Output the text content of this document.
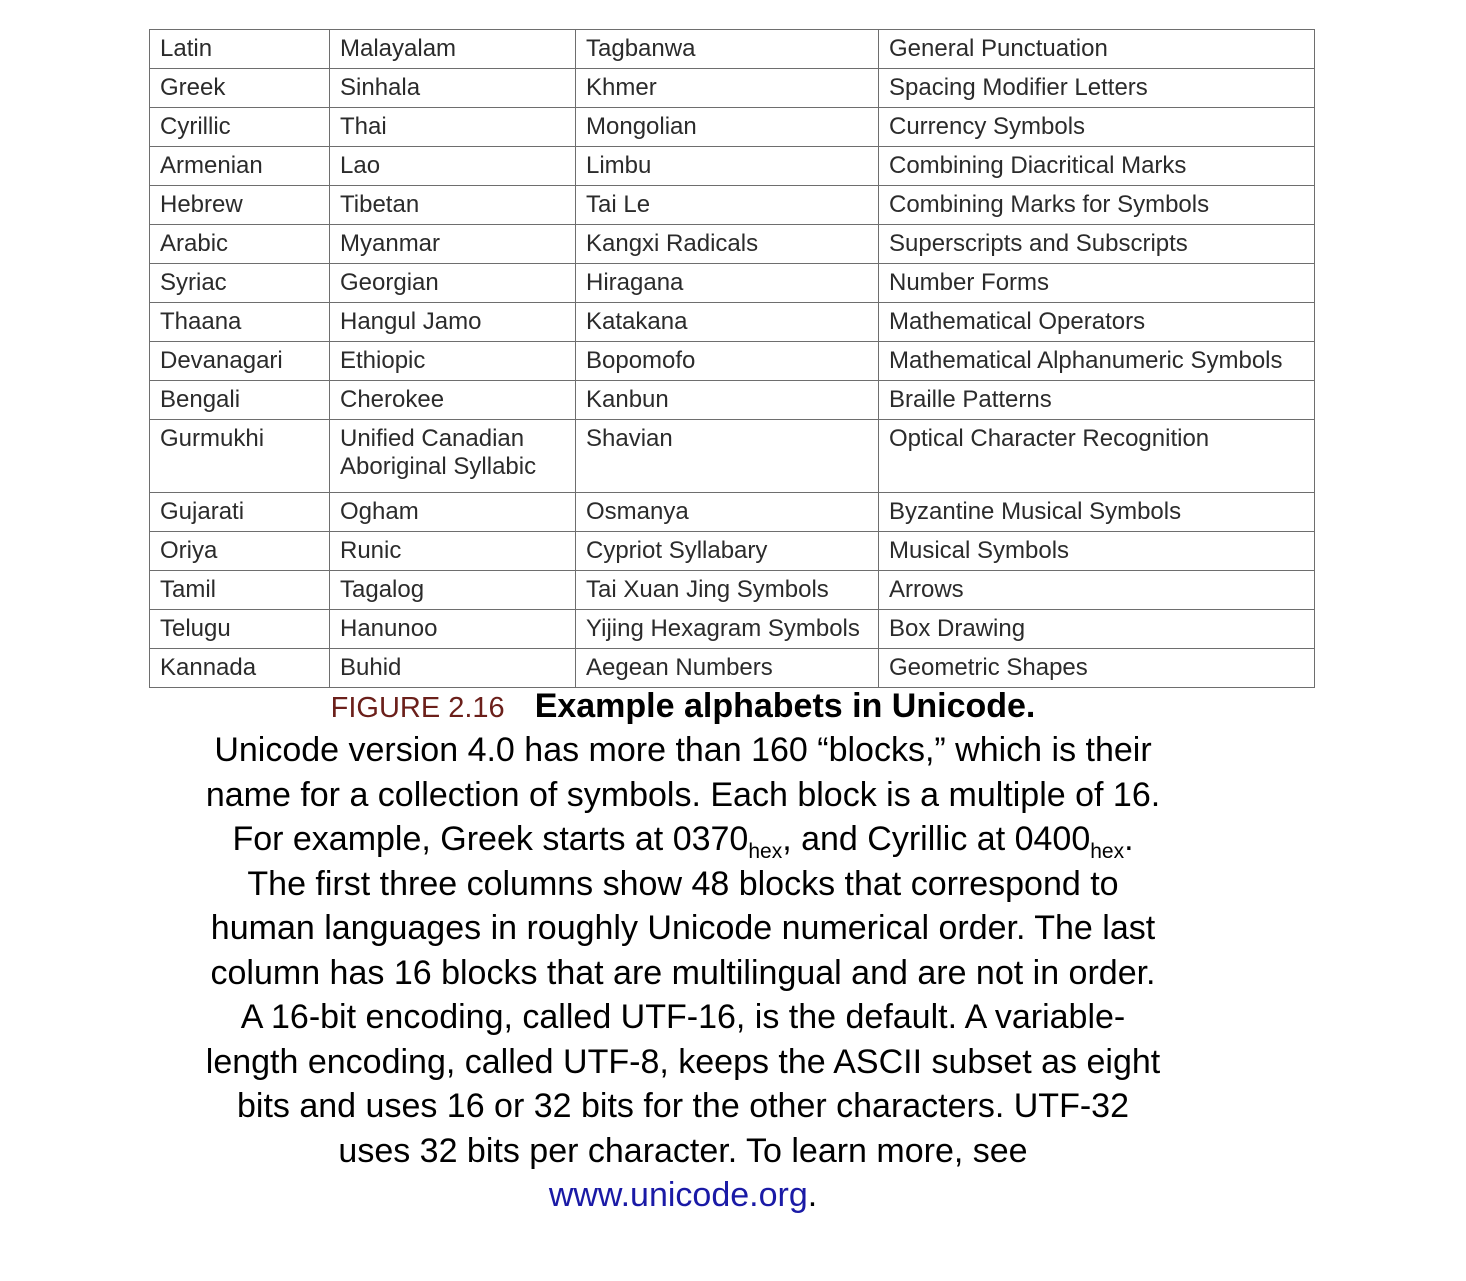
Latin	Malayalam	Tagbanwa	General Punctuation
Greek	Sinhala	Khmer	Spacing Modifier Letters
Cyrillic	Thai	Mongolian	Currency Symbols
Armenian	Lao	Limbu	Combining Diacritical Marks
Hebrew	Tibetan	Tai Le	Combining Marks for Symbols
Arabic	Myanmar	Kangxi Radicals	Superscripts and Subscripts
Syriac	Georgian	Hiragana	Number Forms
Thaana	Hangul Jamo	Katakana	Mathematical Operators
Devanagari	Ethiopic	Bopomofo	Mathematical Alphanumeric Symbols
Bengali	Cherokee	Kanbun	Braille Patterns
Gurmukhi	Unified Canadian Aboriginal Syllabic	Shavian	Optical Character Recognition
Gujarati	Ogham	Osmanya	Byzantine Musical Symbols
Oriya	Runic	Cypriot Syllabary	Musical Symbols
Tamil	Tagalog	Tai Xuan Jing Symbols	Arrows
Telugu	Hanunoo	Yijing Hexagram Symbols	Box Drawing
Kannada	Buhid	Aegean Numbers	Geometric Shapes

FIGURE 2.16 Example alphabets in Unicode.

Unicode version 4.0 has more than 160 “blocks,” which is their name for a collection of symbols. Each block is a multiple of 16. For example, Greek starts at $0370_{hex}$, and Cyrillic at $0400_{hex}$. The first three columns show 48 blocks that correspond to human languages in roughly Unicode numerical order. The last column has 16 blocks that are multilingual and are not in order. A 16-bit encoding, called UTF-16, is the default. A variable-length encoding, called UTF-8, keeps the ASCII subset as eight bits and uses 16 or 32 bits for the other characters. UTF-32 uses 32 bits per character. To learn more, see www.unicode.org.
